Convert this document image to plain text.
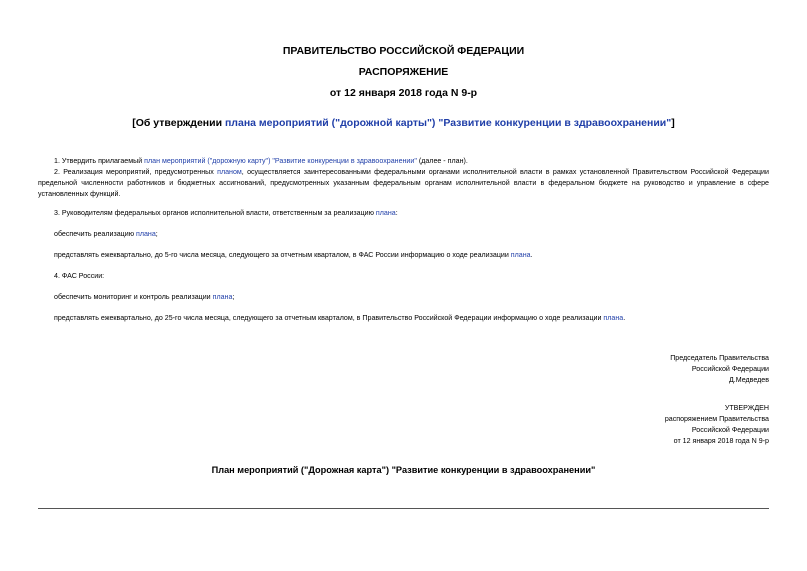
ПРАВИТЕЛЬСТВО РОССИЙСКОЙ ФЕДЕРАЦИИ
РАСПОРЯЖЕНИЕ
от 12 января 2018 года N 9-р
[Об утверждении плана мероприятий ("дорожной карты") "Развитие конкуренции в здравоохранении"]
1. Утвердить прилагаемый план мероприятий ("дорожную карту") "Развитие конкуренции в здравоохранении" (далее - план).
2. Реализация мероприятий, предусмотренных планом, осуществляется заинтересованными федеральными органами исполнительной власти в рамках установленной Правительством Российской Федерации предельной численности работников и бюджетных ассигнований, предусмотренных указанным федеральным органам исполнительной власти в федеральном бюджете на руководство и управление в сфере установленных функций.
3. Руководителям федеральных органов исполнительной власти, ответственным за реализацию плана:
обеспечить реализацию плана;
представлять ежеквартально, до 5-го числа месяца, следующего за отчетным кварталом, в ФАС России информацию о ходе реализации плана.
4. ФАС России:
обеспечить мониторинг и контроль реализации плана;
представлять ежеквартально, до 25-го числа месяца, следующего за отчетным кварталом, в Правительство Российской Федерации информацию о ходе реализации плана.
Председатель Правительства
Российской Федерации
Д.Медведев
УТВЕРЖДЕН
распоряжением Правительства
Российской Федерации
от 12 января 2018 года N 9-р
План мероприятий ("Дорожная карта") "Развитие конкуренции в здравоохранении"
